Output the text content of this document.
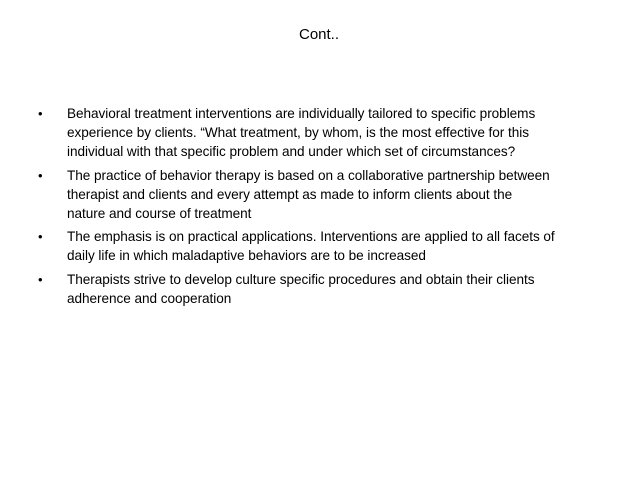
Cont..
• Behavioral treatment interventions are individually tailored to specific problems
experience by clients. “What treatment, by whom, is the most effective for this
individual with that specific problem and under which set of circumstances?
• The practice of behavior therapy is based on a collaborative partnership between
therapist and clients and every attempt as made to inform clients about the
nature and course of treatment
• The emphasis is on practical applications. Interventions are applied to all facets of
daily life in which maladaptive behaviors are to be increased
• Therapists strive to develop culture specific procedures and obtain their clients
adherence and cooperation
